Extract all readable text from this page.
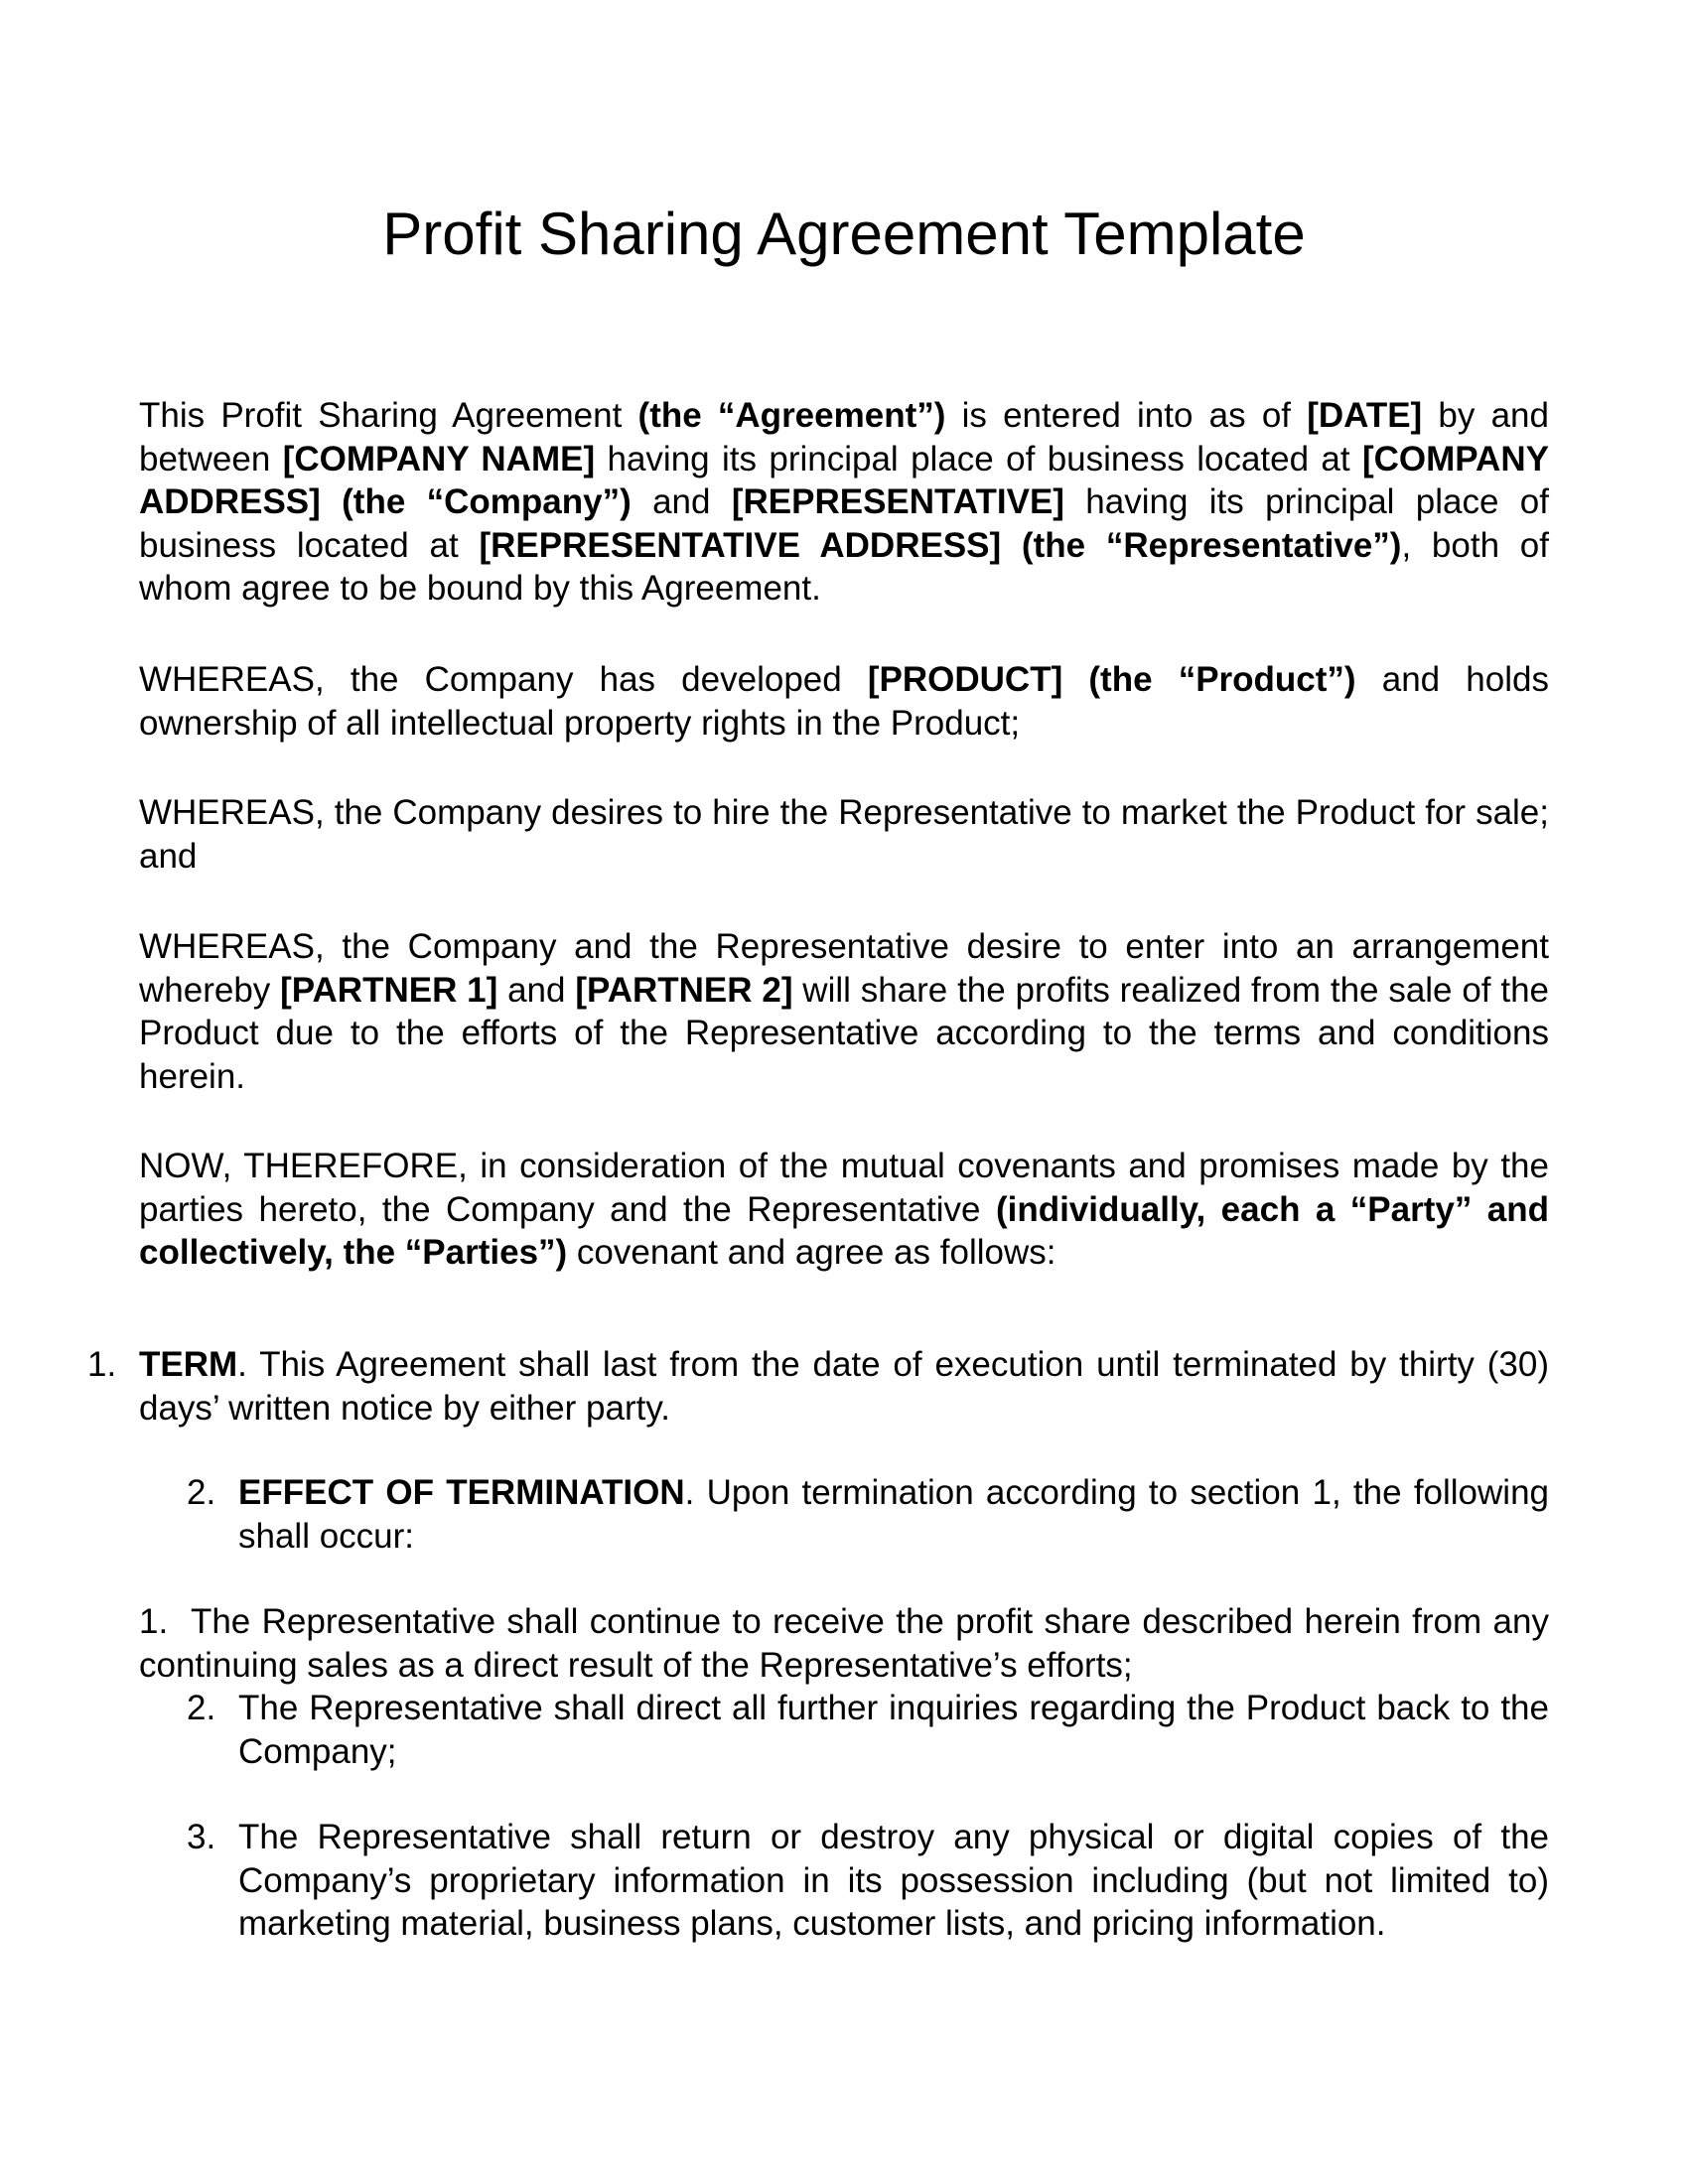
Profit Sharing Agreement Template

This Profit Sharing Agreement (the “Agreement”) is entered into as of [DATE] by and between [COMPANY NAME] having its principal place of business located at [COMPANY ADDRESS] (the “Company”) and [REPRESENTATIVE] having its principal place of business located at [REPRESENTATIVE ADDRESS] (the “Representative”), both of whom agree to be bound by this Agreement.

WHEREAS, the Company has developed [PRODUCT] (the “Product”) and holds ownership of all intellectual property rights in the Product;

WHEREAS, the Company desires to hire the Representative to market the Product for sale; and

WHEREAS, the Company and the Representative desire to enter into an arrangement whereby [PARTNER 1] and [PARTNER 2] will share the profits realized from the sale of the Product due to the efforts of the Representative according to the terms and conditions herein.

NOW, THEREFORE, in consideration of the mutual covenants and promises made by the parties hereto, the Company and the Representative (individually, each a “Party” and collectively, the “Parties”) covenant and agree as follows:

1. TERM. This Agreement shall last from the date of execution until terminated by thirty (30) days’ written notice by either party.

2. EFFECT OF TERMINATION. Upon termination according to section 1, the following shall occur:

1. The Representative shall continue to receive the profit share described herein from any continuing sales as a direct result of the Representative’s efforts;

2. The Representative shall direct all further inquiries regarding the Product back to the Company;

3. The Representative shall return or destroy any physical or digital copies of the Company’s proprietary information in its possession including (but not limited to) marketing material, business plans, customer lists, and pricing information.
